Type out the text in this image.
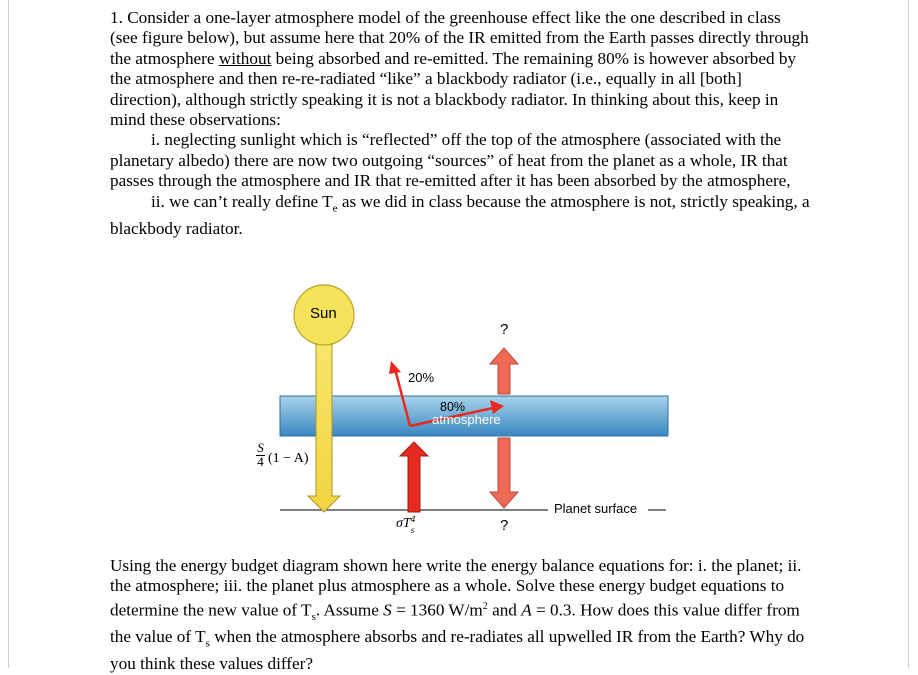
1. Consider a one-layer atmosphere model of the greenhouse effect like the one described in class (see figure below), but assume here that 20% of the IR emitted from the Earth passes directly through the atmosphere without being absorbed and re-emitted. The remaining 80% is however absorbed by the atmosphere and then re-re-radiated “like” a blackbody radiator (i.e., equally in all [both] direction), although strictly speaking it is not a blackbody radiator. In thinking about this, keep in mind these observations:

i. neglecting sunlight which is “reflected” off the top of the atmosphere (associated with the planetary albedo) there are now two outgoing “sources” of heat from the planet as a whole, IR that passes through the atmosphere and IR that re-emitted after it has been absorbed by the atmosphere,

ii. we can’t really define $T_e$ as we did in class because the atmosphere is not, strictly speaking, a blackbody radiator.

Sun
?
20%
80%
atmosphere
Planet surface
?
S
4 (1 − A)
σT 4
s

Using the energy budget diagram shown here write the energy balance equations for: i. the planet; ii. the atmosphere; iii. the planet plus atmosphere as a whole. Solve these energy budget equations to determine the new value of $T_s$. Assume S = 1360 $W/m^2$ and A = 0.3. How does this value differ from the value of $T_s$ when the atmosphere absorbs and re-radiates all upwelled IR from the Earth? Why do you think these values differ?
